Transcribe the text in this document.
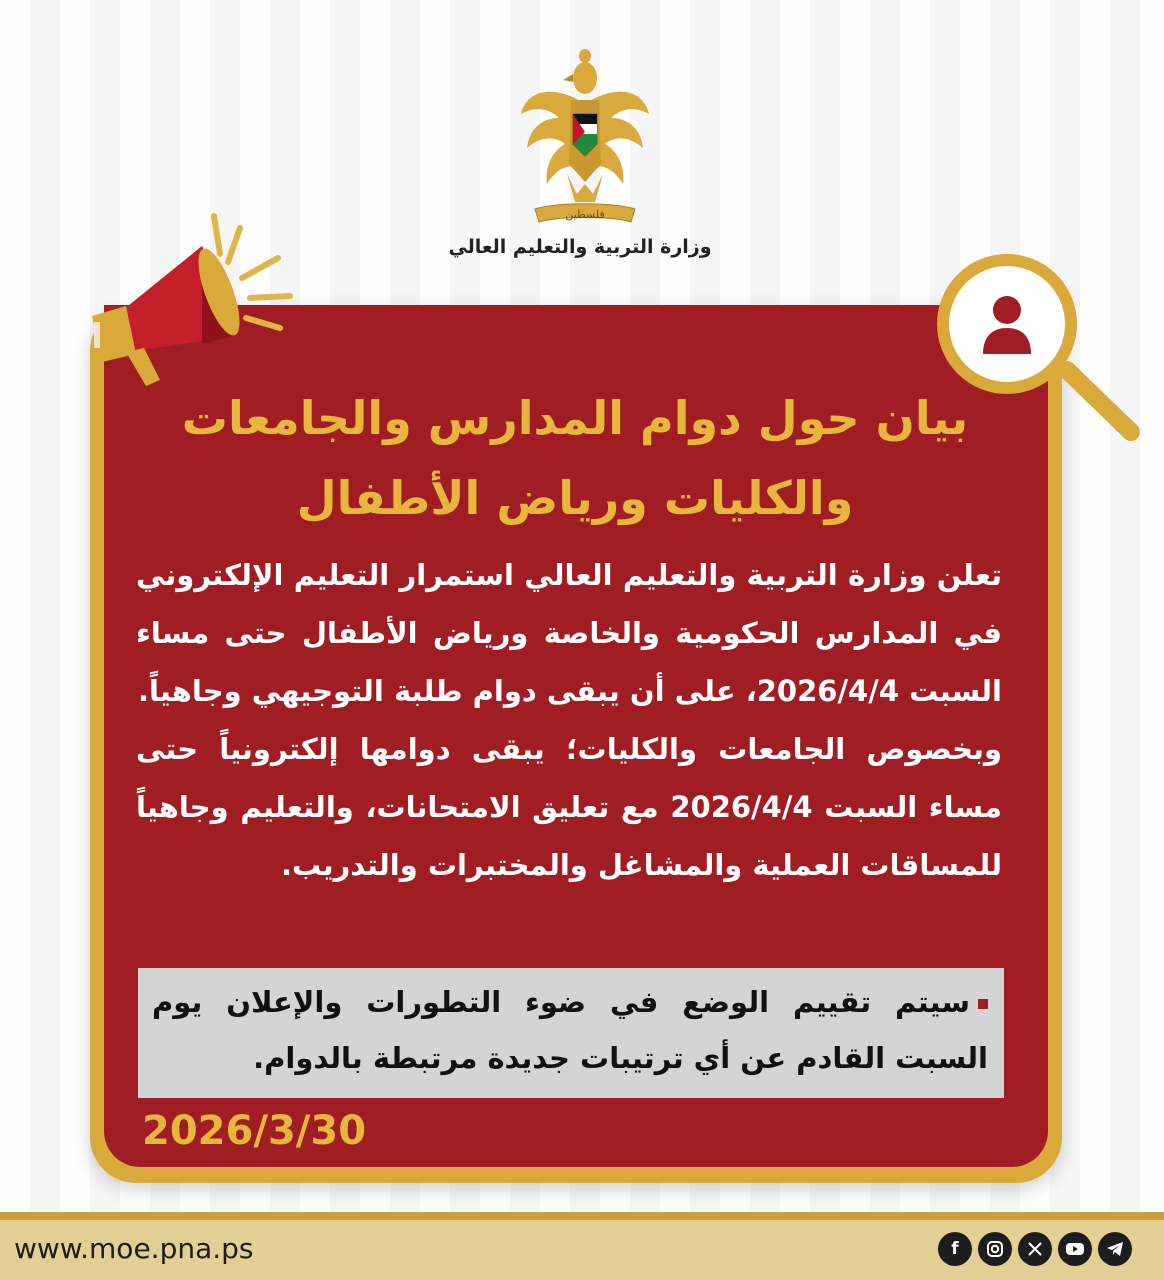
فلسطين
وزارة التربية والتعليم العالي
بيان حول دوام المدارس والجامعات
والكليات ورياض الأطفال

تعلن وزارة التربية والتعليم العالي استمرار التعليم الإلكتروني في المدارس الحكومية والخاصة ورياض الأطفال حتى مساء السبت 2026/4/4، على أن يبقى دوام طلبة التوجيهي وجاهياً.

وبخصوص الجامعات والكليات؛ يبقى دوامها إلكترونياً حتى مساء السبت 2026/4/4 مع تعليق الامتحانات، والتعليم وجاهياً للمساقات العملية والمشاغل والمختبرات والتدريب.

سيتم تقييم الوضع في ضوء التطورات والإعلان يوم السبت القادم عن أي ترتيبات جديدة مرتبطة بالدوام.
2026/3/30
www.moe.pna.ps	f
